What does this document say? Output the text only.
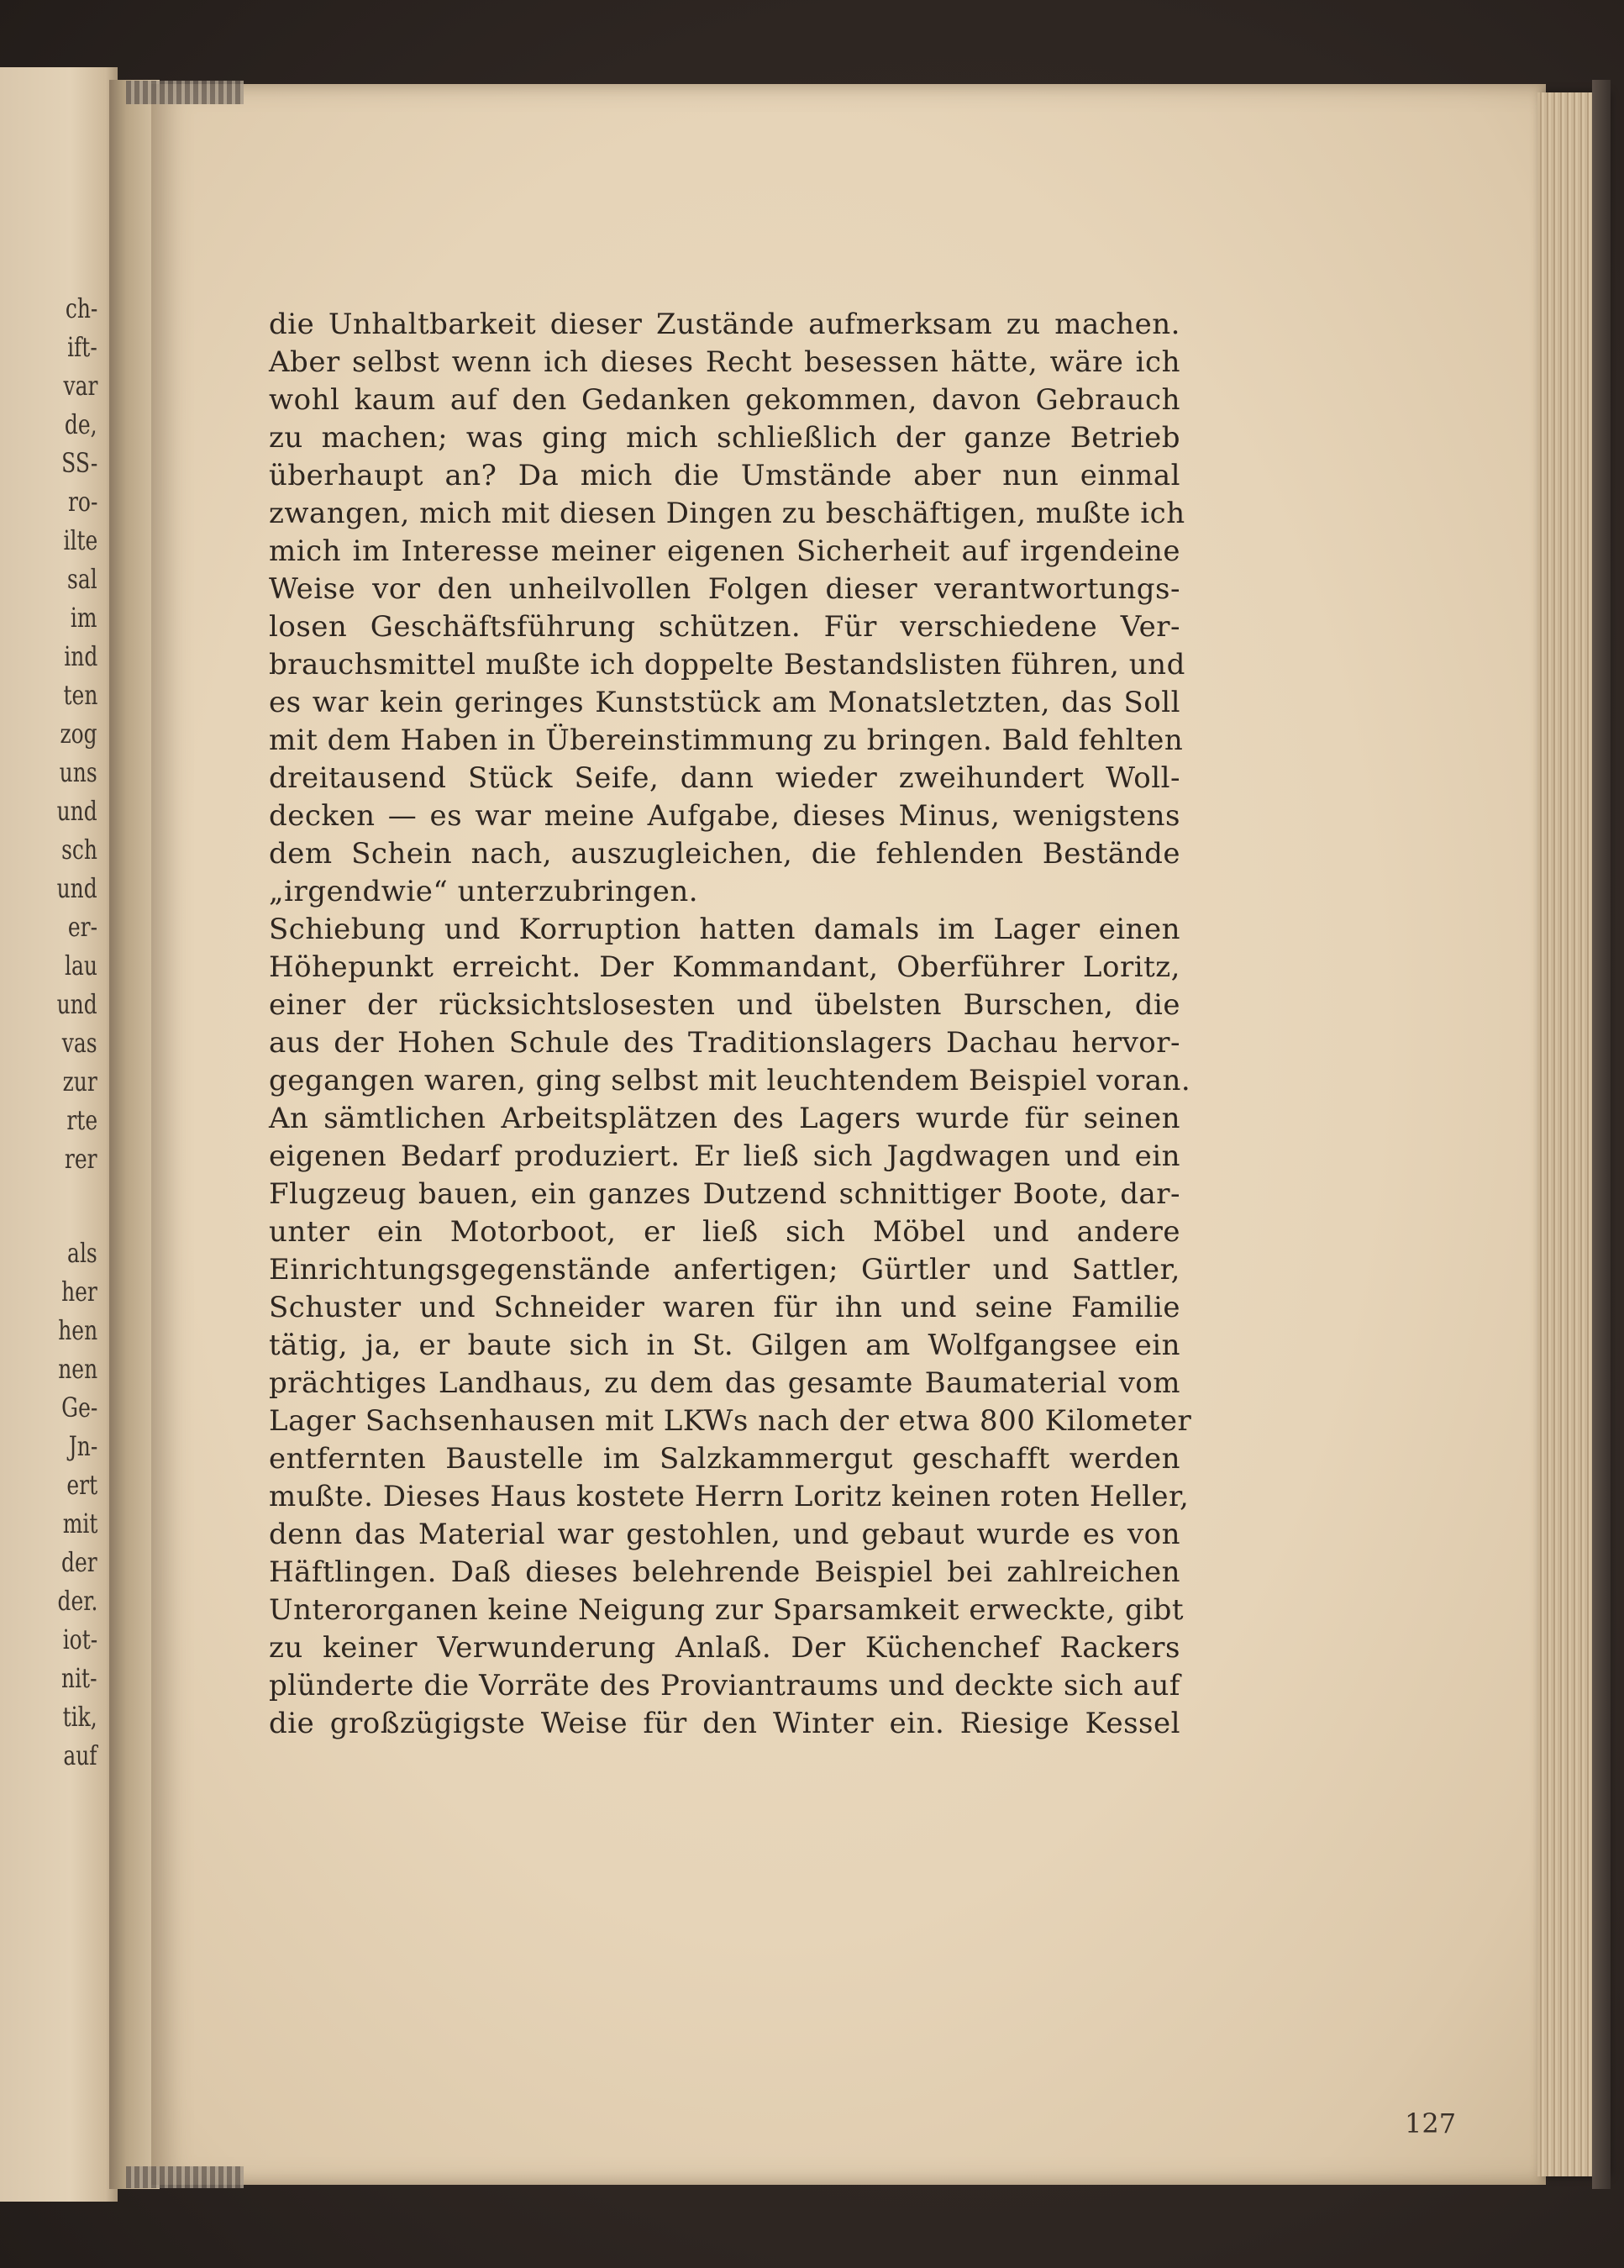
ch-
ift-
var
de,
SS-
ro-
ilte
sal
im
ind
ten
zog
uns
und
sch
und
er-
lau
und
vas
zur
rte
rer
als
her
hen
nen
Ge-
Jn-
ert
mit
der
der.
iot-
nit-
tik,
auf
die Unhaltbarkeit dieser Zustände aufmerksam zu machen.
Aber selbst wenn ich dieses Recht besessen hätte, wäre ich
wohl kaum auf den Gedanken gekommen, davon Gebrauch
zu machen; was ging mich schließlich der ganze Betrieb
überhaupt an? Da mich die Umstände aber nun einmal
zwangen, mich mit diesen Dingen zu beschäftigen, mußte ich
mich im Interesse meiner eigenen Sicherheit auf irgendeine
Weise vor den unheilvollen Folgen dieser verantwortungs-
losen Geschäftsführung schützen. Für verschiedene Ver-
brauchsmittel mußte ich doppelte Bestandslisten führen, und
es war kein geringes Kunststück am Monatsletzten, das Soll
mit dem Haben in Übereinstimmung zu bringen. Bald fehlten
dreitausend Stück Seife, dann wieder zweihundert Woll-
decken — es war meine Aufgabe, dieses Minus, wenigstens
dem Schein nach, auszugleichen, die fehlenden Bestände
„irgendwie“ unterzubringen.
Schiebung und Korruption hatten damals im Lager einen
Höhepunkt erreicht. Der Kommandant, Oberführer Loritz,
einer der rücksichtslosesten und übelsten Burschen, die
aus der Hohen Schule des Traditionslagers Dachau hervor-
gegangen waren, ging selbst mit leuchtendem Beispiel voran.
An sämtlichen Arbeitsplätzen des Lagers wurde für seinen
eigenen Bedarf produziert. Er ließ sich Jagdwagen und ein
Flugzeug bauen, ein ganzes Dutzend schnittiger Boote, dar-
unter ein Motorboot, er ließ sich Möbel und andere
Einrichtungsgegenstände anfertigen; Gürtler und Sattler,
Schuster und Schneider waren für ihn und seine Familie
tätig, ja, er baute sich in St. Gilgen am Wolfgangsee ein
prächtiges Landhaus, zu dem das gesamte Baumaterial vom
Lager Sachsenhausen mit LKWs nach der etwa 800 Kilometer
entfernten Baustelle im Salzkammergut geschafft werden
mußte. Dieses Haus kostete Herrn Loritz keinen roten Heller,
denn das Material war gestohlen, und gebaut wurde es von
Häftlingen. Daß dieses belehrende Beispiel bei zahlreichen
Unterorganen keine Neigung zur Sparsamkeit erweckte, gibt
zu keiner Verwunderung Anlaß. Der Küchenchef Rackers
plünderte die Vorräte des Proviantraums und deckte sich auf
die großzügigste Weise für den Winter ein. Riesige Kessel
127
